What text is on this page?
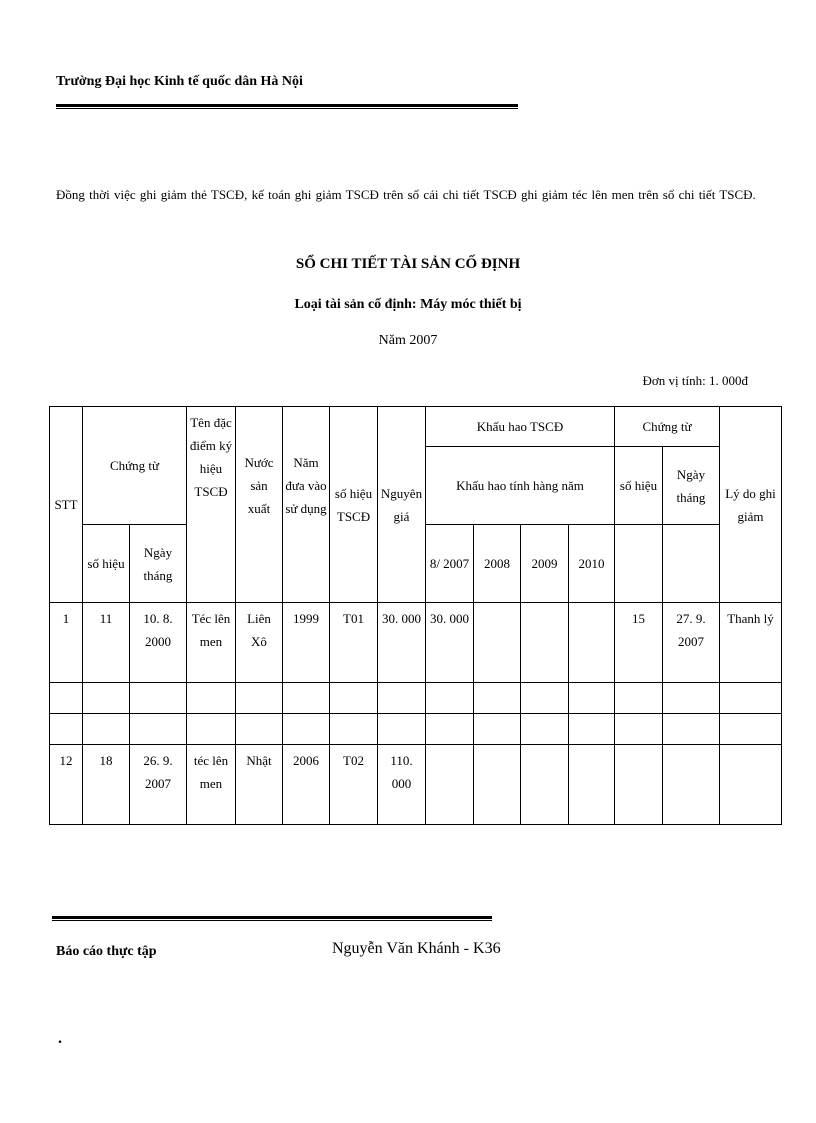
Trường Đại học Kinh tế quốc dân Hà Nội
Đồng thời việc ghi giảm thẻ TSCĐ, kế toán ghi giảm TSCĐ trên sổ cái chi tiết TSCĐ ghi giảm téc lên men trên sổ chi tiết TSCĐ.
SỔ CHI TIẾT TÀI SẢN CỐ ĐỊNH
Loại tài sản cố định: Máy móc thiết bị
Năm 2007
Đơn vị tính: 1. 000đ
STT	Chứng từ		Tên đặc điểm ký hiệu TSCĐ	Nước sản xuất	Năm đưa vào sử dụng	số hiệu TSCĐ	Nguyên giá	Khấu hao TSCĐ				Chứng từ		Lý do ghi giảm
								Khấu hao tính hàng năm				số hiệu	Ngày tháng	
	số hiệu	Ngày tháng						8/ 2007	2008	2009	2010			
1	11	10. 8. 2000	Téc lên men	Liên Xô	1999	T01	30. 000	30. 000				15	27. 9. 2007	Thanh lý

12	18	26. 9. 2007	téc lên men	Nhật	2006	T02	110. 000							
Báo cáo thực tập	Nguyễn Văn Khánh - K36
.
